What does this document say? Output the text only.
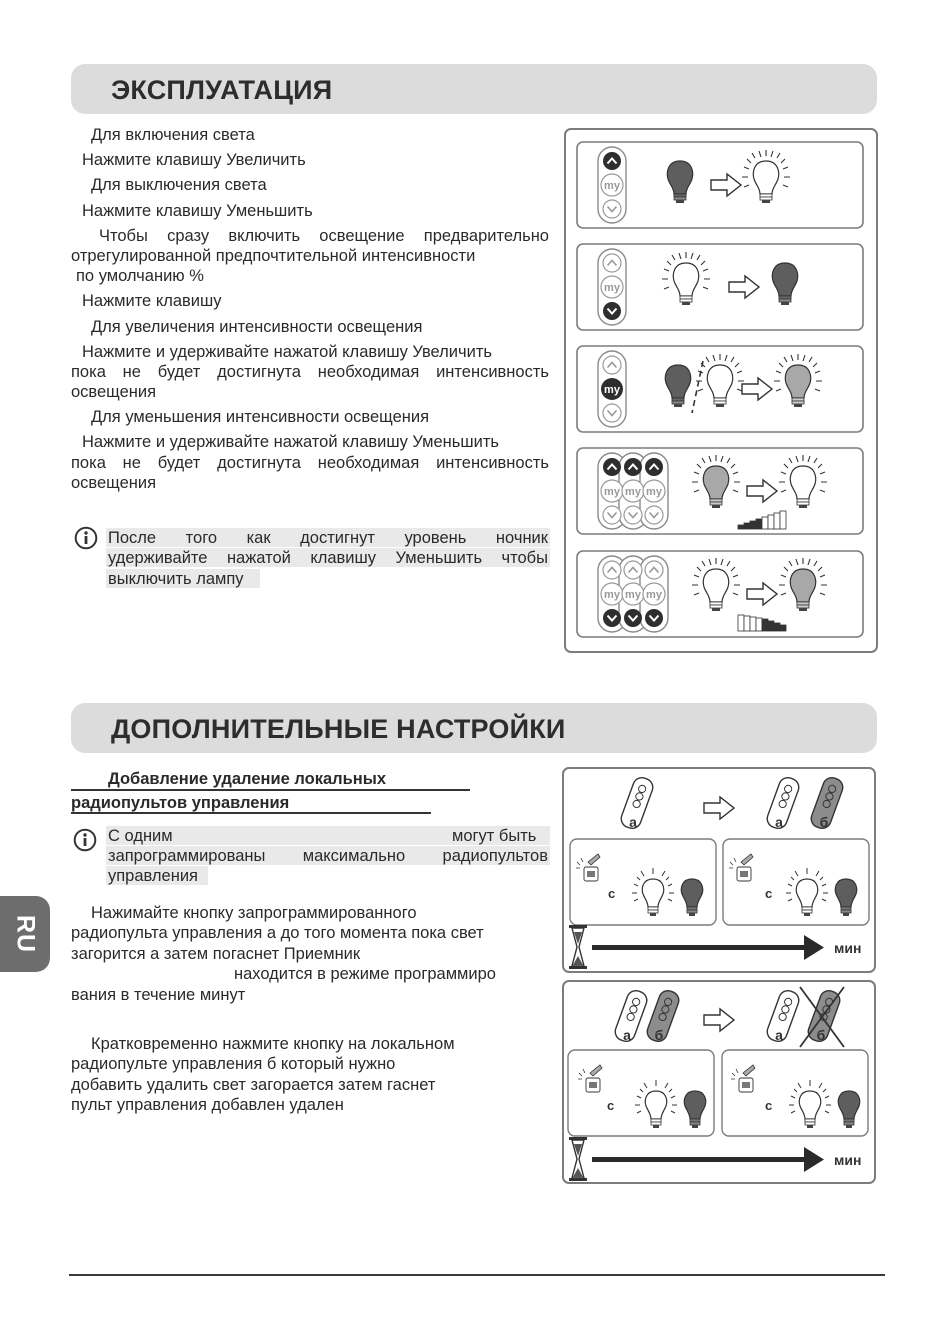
ЭКСПЛУАТАЦИЯ
Для включения света
Нажмите клавишу Увеличить
Для выключения света
Нажмите клавишу Уменьшить
Чтобы сразу включить освещение предварительно
отрегулированной предпочтительной интенсивности
по умолчанию %
Нажмите клавишу
Для увеличения интенсивности освещения
Нажмите и удерживайте нажатой клавишу Увеличить
пока не будет достигнута необходимая интенсивность
освещения
Для уменьшения интенсивности освещения
Нажмите и удерживайте нажатой клавишу Уменьшить
пока не будет достигнута необходимая интенсивность
освещения
После того как достигнут уровень ночник
удерживайте нажатой клавишу Уменьшить чтобы
выключить лампу
my
my
my
my my my
my my my
ДОПОЛНИТЕЛЬНЫЕ НАСТРОЙКИ
Добавление удаление локальных
радиопультов управления
С одним	могут быть
запрограммированы максимально радиопультов
управления
Нажимайте кнопку запрограммированного
радиопульта управления а до того момента пока свет
загорится а затем погаснет Приемник
находится в режиме программиро
вания в течение минут
Кратковременно нажмите кнопку на локальном
радиопульте управления б который нужно
добавить удалить свет загорается затем гаснет
пульт управления добавлен удален
а	а	б
c	c
мин
а б	а б
c	c
мин
RU
